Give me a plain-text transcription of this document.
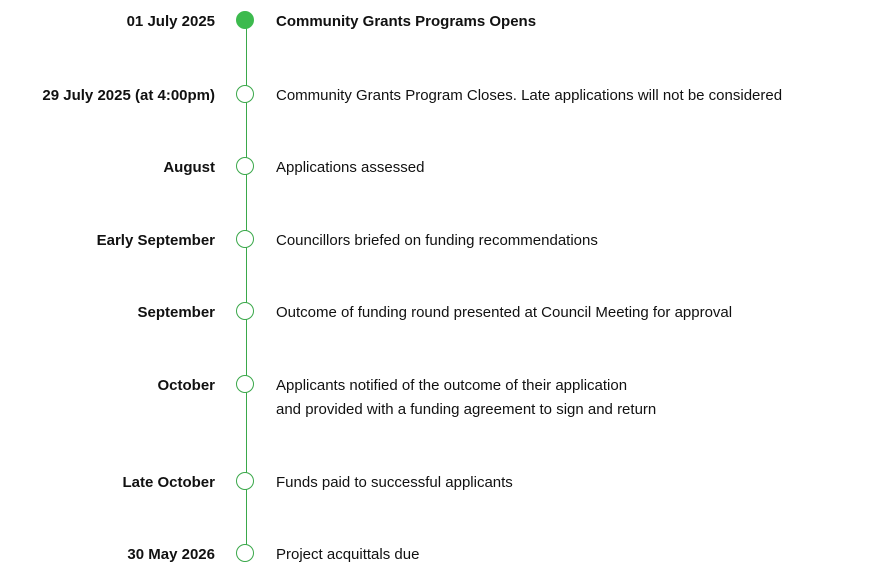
01 July 2025	Community Grants Programs Opens
29 July 2025 (at 4:00pm)	Community Grants Program Closes. Late applications will not be considered
August	Applications assessed
Early September	Councillors briefed on funding recommendations
September	Outcome of funding round presented at Council Meeting for approval
October	Applicants notified of the outcome of their application
and provided with a funding agreement to sign and return
Late October	Funds paid to successful applicants
30 May 2026	Project acquittals due
